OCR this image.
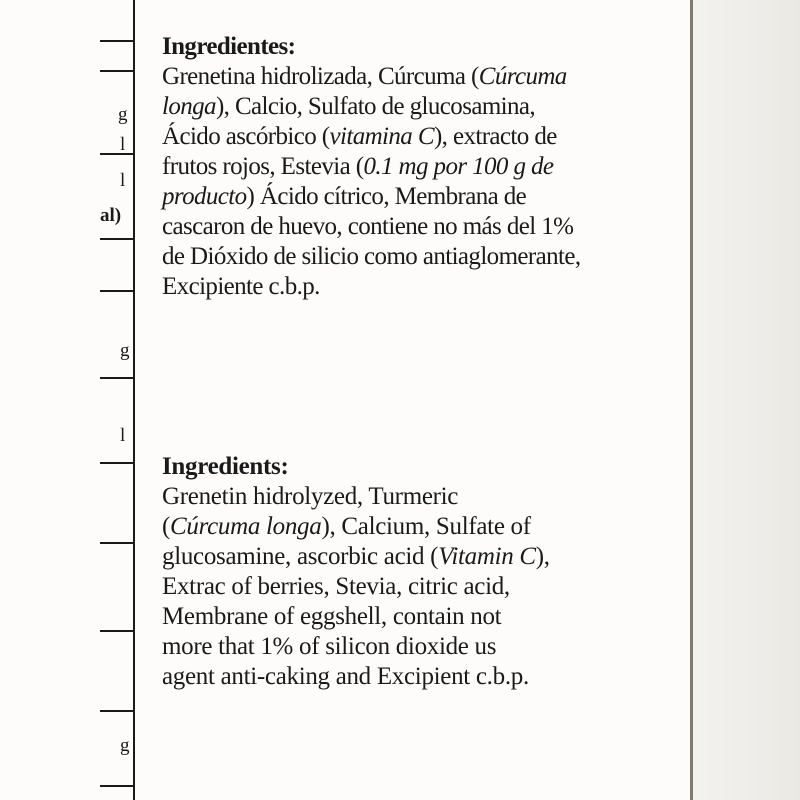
g
l
l
al)
g
l
g
Ingredientes:
Grenetina hidrolizada, Cúrcuma (Cúrcuma
longa), Calcio, Sulfato de glucosamina,
Ácido ascórbico (vitamina C), extracto de
frutos rojos, Estevia (0.1 mg por 100 g de
producto) Ácido cítrico, Membrana de
cascaron de huevo, contiene no más del 1%
de Dióxido de silicio como antiaglomerante,
Excipiente c.b.p.
Ingredients:
Grenetin hidrolyzed, Turmeric
(Cúrcuma longa), Calcium, Sulfate of
glucosamine, ascorbic acid (Vitamin C),
Extrac of berries, Stevia, citric acid,
Membrane of eggshell, contain not
more that 1% of silicon dioxide us
agent anti-caking and Excipient c.b.p.
